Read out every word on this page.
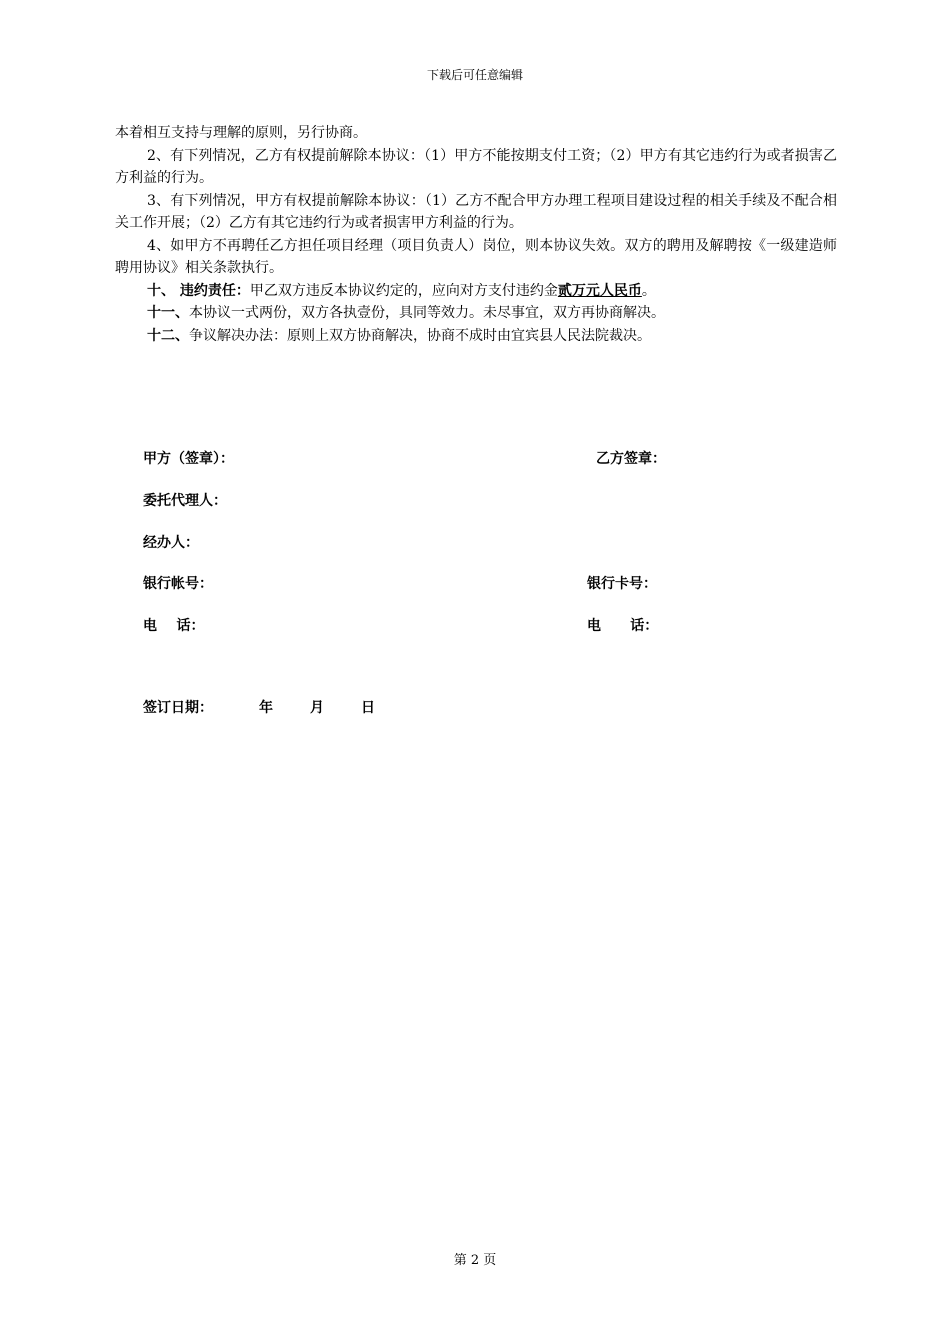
下载后可任意编辑

本着相互支持与理解的原则，另行协商。

2、有下列情况，乙方有权提前解除本协议：（1）甲方不能按期支付工资；（2）甲方有其它违约行为或者损害乙方利益的行为。

3、有下列情况，甲方有权提前解除本协议：（1）乙方不配合甲方办理工程项目建设过程的相关手续及不配合相关工作开展；（2）乙方有其它违约行为或者损害甲方利益的行为。

4、如甲方不再聘任乙方担任项目经理（项目负责人）岗位，则本协议失效。双方的聘用及解聘按《一级建造师聘用协议》相关条款执行。

十、 违约责任：甲乙双方违反本协议约定的，应向对方支付违约金贰万元人民币。

十一、本协议一式两份，双方各执壹份，具同等效力。未尽事宜，双方再协商解决。

十二、争议解决办法：原则上双方协商解决，协商不成时由宜宾县人民法院裁决。

甲方（签章）：	乙方签章：
委托代理人：
经办人：
银行帐号：	银行卡号：
电    话：	电      话：
签订日期：	年	月	日
第 2 页
